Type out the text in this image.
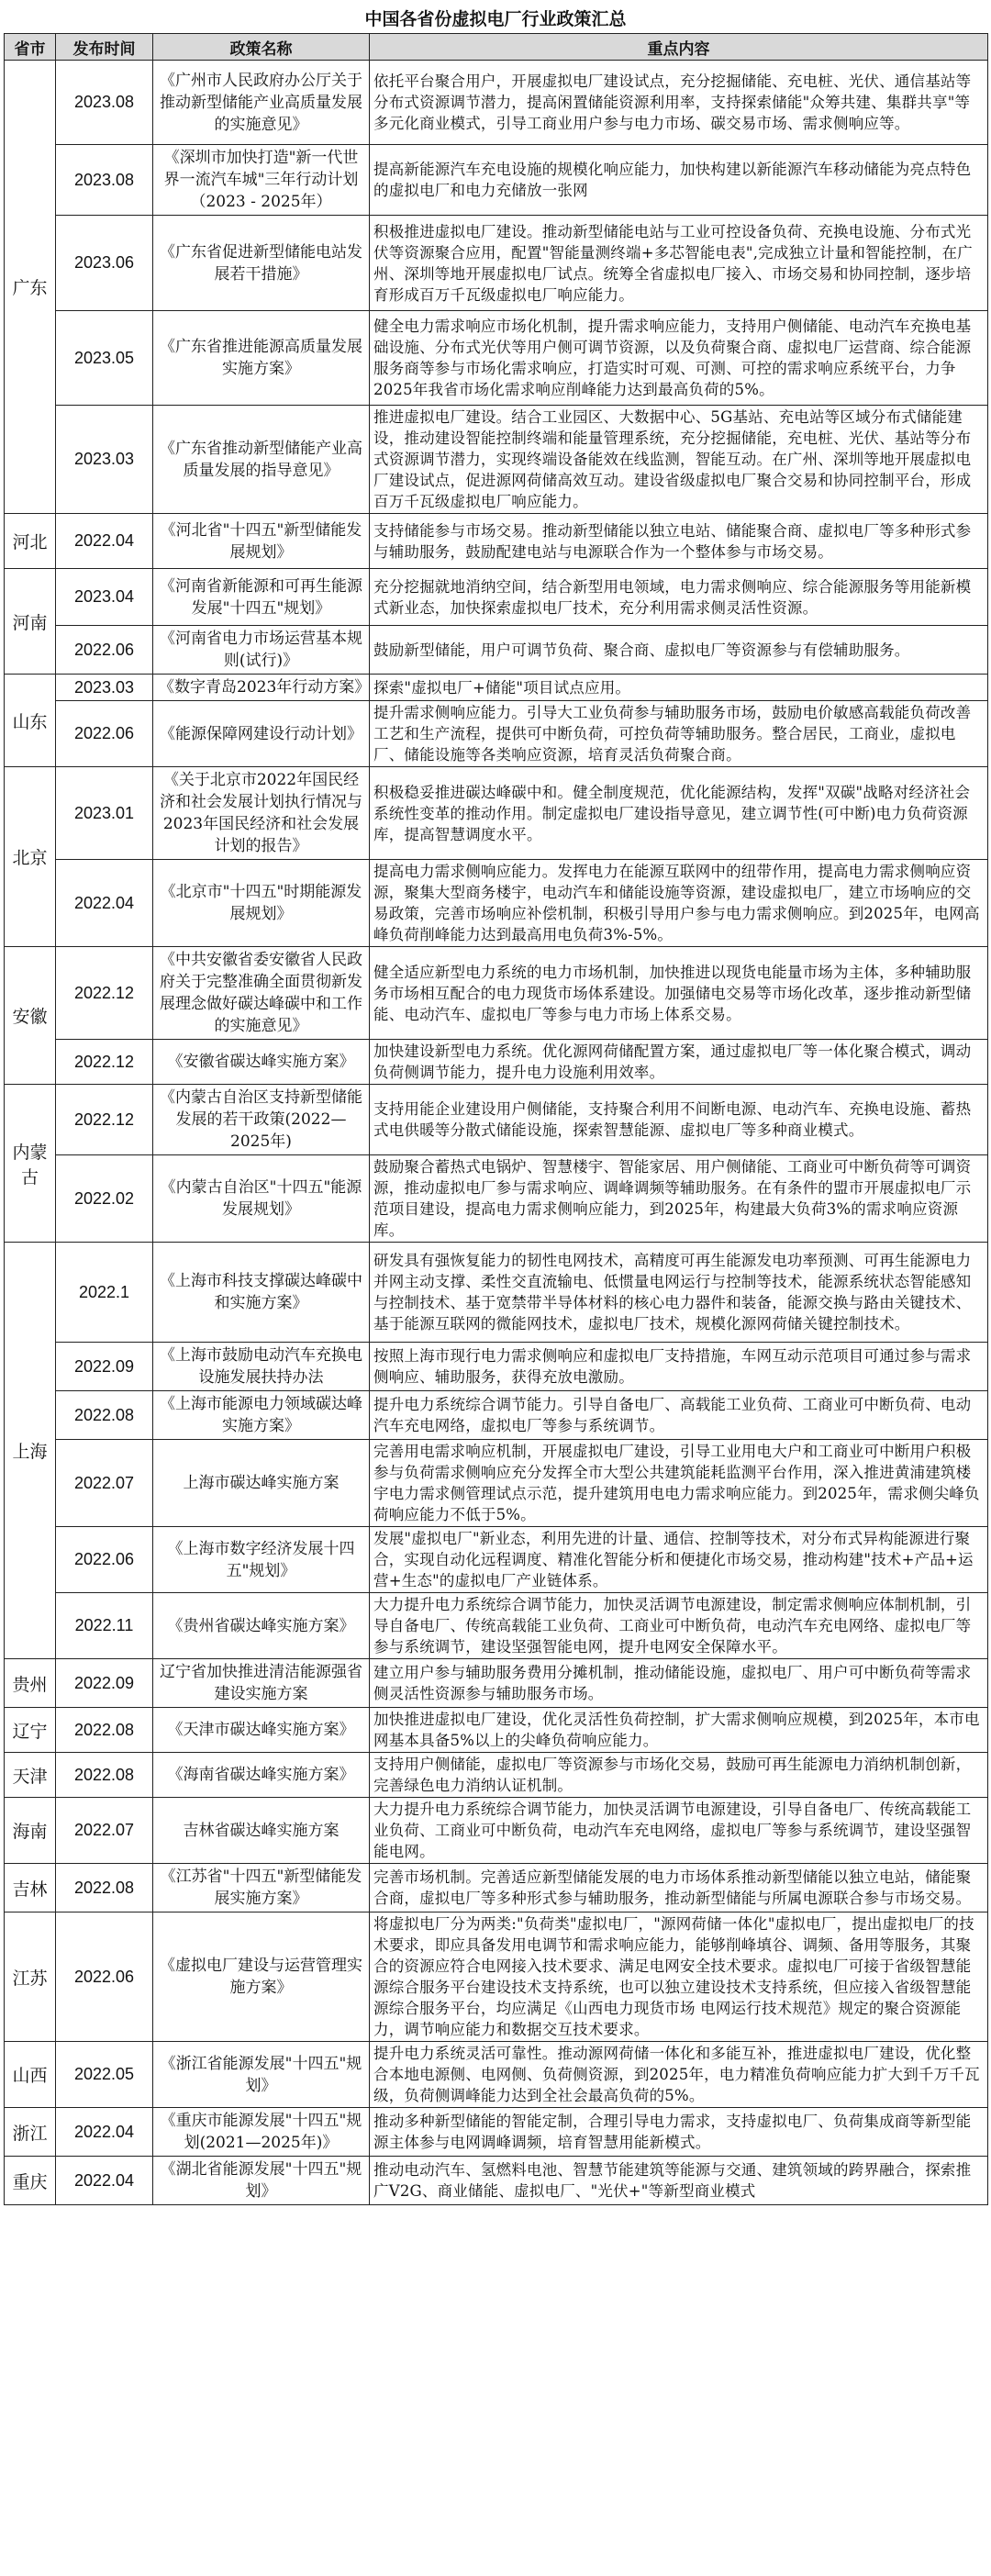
中国各省份虚拟电厂行业政策汇总
省市	发布时间	政策名称	重点内容
广东	2023.08	《广州市人民政府办公厅关于推动新型储能产业高质量发展的实施意见》	依托平台聚合用户，开展虚拟电厂建设试点，充分挖掘储能、充电桩、光伏、通信基站等分布式资源调节潜力，提高闲置储能资源利用率，支持探索储能"众筹共建、集群共享"等多元化商业模式，引导工商业用户参与电力市场、碳交易市场、需求侧响应等。
	2023.08	《深圳市加快打造"新一代世界一流汽车城"三年行动计划（2023 - 2025年）	提高新能源汽车充电设施的规模化响应能力，加快构建以新能源汽车移动储能为亮点特色的虚拟电厂和电力充储放一张网
	2023.06	《广东省促进新型储能电站发展若干措施》	积极推进虚拟电厂建设。推动新型储能电站与工业可控设备负荷、充换电设施、分布式光伏等资源聚合应用，配置"智能量测终端+多芯智能电表",完成独立计量和智能控制，在广州、深圳等地开展虚拟电厂试点。统筹全省虚拟电厂接入、市场交易和协同控制，逐步培育形成百万千瓦级虚拟电厂响应能力。
	2023.05	《广东省推进能源高质量发展实施方案》	健全电力需求响应市场化机制，提升需求响应能力，支持用户侧储能、电动汽车充换电基础设施、分布式光伏等用户侧可调节资源，以及负荷聚合商、虚拟电厂运营商、综合能源服务商等参与市场化需求响应，打造实时可观、可测、可控的需求响应系统平台，力争2025年我省市场化需求响应削峰能力达到最高负荷的5%。
	2023.03	《广东省推动新型储能产业高质量发展的指导意见》	推进虚拟电厂建设。结合工业园区、大数据中心、5G基站、充电站等区域分布式储能建设，推动建设智能控制终端和能量管理系统，充分挖掘储能，充电桩、光伏、基站等分布式资源调节潜力，实现终端设备能效在线监测，智能互动。在广州、深圳等地开展虚拟电厂建设试点，促进源网荷储高效互动。建设省级虚拟电厂聚合交易和协同控制平台，形成百万千瓦级虚拟电厂响应能力。
河北	2022.04	《河北省"十四五"新型储能发展规划》	支持储能参与市场交易。推动新型储能以独立电站、储能聚合商、虚拟电厂等多种形式参与辅助服务，鼓励配建电站与电源联合作为一个整体参与市场交易。
河南	2023.04	《河南省新能源和可再生能源发展"十四五"规划》	充分挖掘就地消纳空间，结合新型用电领域，电力需求侧响应、综合能源服务等用能新模式新业态，加快探索虚拟电厂技术，充分利用需求侧灵活性资源。
	2022.06	《河南省电力市场运营基本规则(试行)》	鼓励新型储能，用户可调节负荷、聚合商、虚拟电厂等资源参与有偿辅助服务。
山东	2023.03	《数字青岛2023年行动方案》	探索"虚拟电厂+储能"项目试点应用。
	2022.06	《能源保障网建设行动计划》	提升需求侧响应能力。引导大工业负荷参与辅助服务市场，鼓励电价敏感高载能负荷改善工艺和生产流程，提供可中断负荷，可控负荷等辅助服务。整合居民，工商业，虚拟电厂、储能设施等各类响应资源，培育灵活负荷聚合商。
北京	2023.01	《关于北京市2022年国民经济和社会发展计划执行情况与2023年国民经济和社会发展计划的报告》	积极稳妥推进碳达峰碳中和。健全制度规范，优化能源结构，发挥"双碳"战略对经济社会系统性变革的推动作用。制定虚拟电厂建设指导意见，建立调节性(可中断)电力负荷资源库，提高智慧调度水平。
	2022.04	《北京市"十四五"时期能源发展规划》	提高电力需求侧响应能力。发挥电力在能源互联网中的纽带作用，提高电力需求侧响应资源，聚集大型商务楼宇，电动汽车和储能设施等资源，建设虚拟电厂，建立市场响应的交易政策，完善市场响应补偿机制，积极引导用户参与电力需求侧响应。到2025年，电网高峰负荷削峰能力达到最高用电负荷3%-5%。
安徽	2022.12	《中共安徽省委安徽省人民政府关于完整准确全面贯彻新发展理念做好碳达峰碳中和工作的实施意见》	健全适应新型电力系统的电力市场机制，加快推进以现货电能量市场为主体，多种辅助服务市场相互配合的电力现货市场体系建设。加强储电交易等市场化改革，逐步推动新型储能、电动汽车、虚拟电厂等参与电力市场上体系交易。
	2022.12	《安徽省碳达峰实施方案》	加快建设新型电力系统。优化源网荷储配置方案，通过虚拟电厂等一体化聚合模式，调动负荷侧调节能力，提升电力设施利用效率。
内蒙古	2022.12	《内蒙古自治区支持新型储能发展的若干政策(2022—2025年)	支持用能企业建设用户侧储能，支持聚合利用不间断电源、电动汽车、充换电设施、蓄热式电供暖等分散式储能设施，探索智慧能源、虚拟电厂等多种商业模式。
	2022.02	《内蒙古自治区"十四五"能源发展规划》	鼓励聚合蓄热式电锅炉、智慧楼宇、智能家居、用户侧储能、工商业可中断负荷等可调资源，推动虚拟电厂参与需求响应、调峰调频等辅助服务。在有条件的盟市开展虚拟电厂示范项目建设，提高电力需求侧响应能力，到2025年，构建最大负荷3%的需求响应资源库。
上海	2022.1	《上海市科技支撑碳达峰碳中和实施方案》	研发具有强恢复能力的韧性电网技术，高精度可再生能源发电功率预测、可再生能源电力并网主动支撑、柔性交直流输电、低惯量电网运行与控制等技术，能源系统状态智能感知与控制技术、基于宽禁带半导体材料的核心电力器件和装备，能源交换与路由关键技术、基于能源互联网的微能网技术，虚拟电厂技术，规模化源网荷储关键控制技术。
	2022.09	《上海市鼓励电动汽车充换电设施发展扶持办法	按照上海市现行电力需求侧响应和虚拟电厂支持措施，车网互动示范项目可通过参与需求侧响应、辅助服务，获得充放电激励。
	2022.08	《上海市能源电力领域碳达峰实施方案》	提升电力系统综合调节能力。引导自备电厂、高载能工业负荷、工商业可中断负荷、电动汽车充电网络，虚拟电厂等参与系统调节。
	2022.07	上海市碳达峰实施方案	完善用电需求响应机制，开展虚拟电厂建设，引导工业用电大户和工商业可中断用户积极参与负荷需求侧响应充分发挥全市大型公共建筑能耗监测平台作用，深入推进黄浦建筑楼宇电力需求侧管理试点示范，提升建筑用电电力需求响应能力。到2025年，需求侧尖峰负荷响应能力不低于5%。
	2022.06	《上海市数字经济发展十四五"规划》	发展"虚拟电厂"新业态，利用先进的计量、通信、控制等技术，对分布式异构能源进行聚合，实现自动化远程调度、精准化智能分析和便捷化市场交易，推动构建"技术+产品+运营+生态"的虚拟电厂产业链体系。
	2022.11	《贵州省碳达峰实施方案》	大力提升电力系统综合调节能力，加快灵活调节电源建设，制定需求侧响应体制机制，引导自备电厂、传统高载能工业负荷、工商业可中断负荷，电动汽车充电网络、虚拟电厂等参与系统调节，建设坚强智能电网，提升电网安全保障水平。
贵州	2022.09	辽宁省加快推进清洁能源强省建设实施方案	建立用户参与辅助服务费用分摊机制，推动储能设施，虚拟电厂、用户可中断负荷等需求侧灵活性资源参与辅助服务市场。
辽宁	2022.08	《天津市碳达峰实施方案》	加快推进虚拟电厂建设，优化灵活性负荷控制，扩大需求侧响应规模，到2025年，本市电网基本具备5%以上的尖峰负荷响应能力。
天津	2022.08	《海南省碳达峰实施方案》	支持用户侧储能，虚拟电厂等资源参与市场化交易，鼓励可再生能源电力消纳机制创新，完善绿色电力消纳认证机制。
海南	2022.07	吉林省碳达峰实施方案	大力提升电力系统综合调节能力，加快灵活调节电源建设，引导自备电厂、传统高载能工业负荷、工商业可中断负荷，电动汽车充电网络，虚拟电厂等参与系统调节，建设坚强智能电网。
吉林	2022.08	《江苏省"十四五"新型储能发展实施方案》	完善市场机制。完善适应新型储能发展的电力市场体系推动新型储能以独立电站，储能聚合商，虚拟电厂等多种形式参与辅助服务，推动新型储能与所属电源联合参与市场交易。
江苏	2022.06	《虚拟电厂建设与运营管理实施方案》	将虚拟电厂分为两类:"负荷类"虚拟电厂，"源网荷储一体化"虚拟电厂，提出虚拟电厂的技术要求，即应具备发用电调节和需求响应能力，能够削峰填谷、调频、备用等服务，其聚合的资源应符合电网接入技术要求、满足电网安全技术要求。虚拟电厂可接于省级智慧能源综合服务平台建设技术支持系统，也可以独立建设技术支持系统，但应接入省级智慧能源综合服务平台，均应满足《山西电力现货市场 电网运行技术规范》规定的聚合资源能力，调节响应能力和数据交互技术要求。
山西	2022.05	《浙江省能源发展"十四五"规划》	提升电力系统灵活可靠性。推动源网荷储一体化和多能互补，推进虚拟电厂建设，优化整合本地电源侧、电网侧、负荷侧资源，到2025年，电力精准负荷响应能力扩大到千万千瓦级，负荷侧调峰能力达到全社会最高负荷的5%。
浙江	2022.04	《重庆市能源发展"十四五"规划(2021—2025年)》	推动多种新型储能的智能定制，合理引导电力需求，支持虚拟电厂、负荷集成商等新型能源主体参与电网调峰调频，培育智慧用能新模式。
重庆	2022.04	《湖北省能源发展"十四五"规划》	推动电动汽车、氢燃料电池、智慧节能建筑等能源与交通、建筑领域的跨界融合，探索推广V2G、商业储能、虚拟电厂、"光伏+"等新型商业模式
